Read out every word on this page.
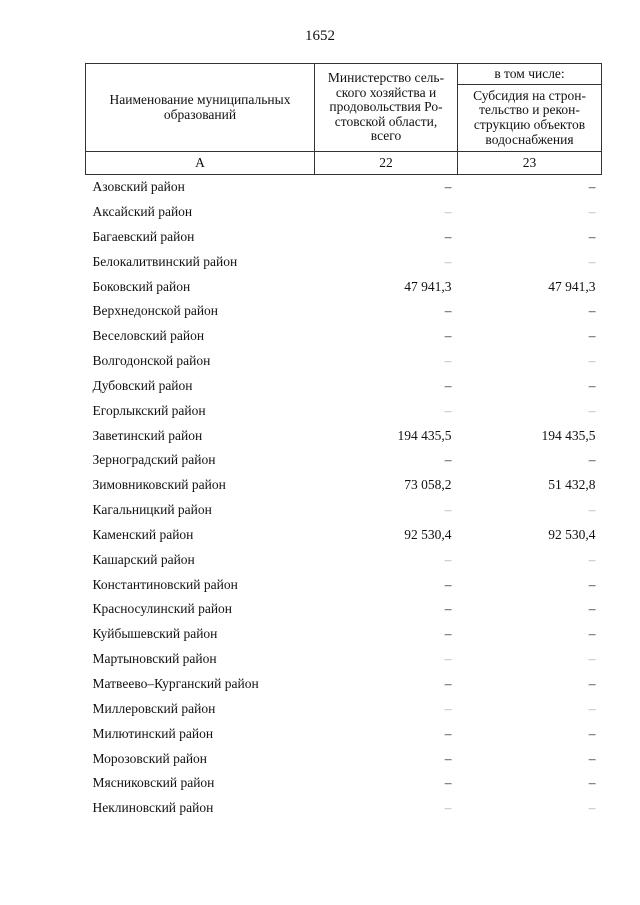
1652
Наименование муниципальных образований	Министерство сель-ского хозяйства и продовольствия Ро-стовской области, всего	в том числе:
		Субсидия на строн-тельство и рекон-струкцию объектов водоснабжения
А	22	23
Азовский район	–	–
Аксайский район	–	–
Багаевский район	–	–
Белокалитвинский район	–	–
Боковский район	47 941,3	47 941,3
Верхнедонской район	–	–
Веселовский район	–	–
Волгодонской район	–	–
Дубовский район	–	–
Егорлыкский район	–	–
Заветинский район	194 435,5	194 435,5
Зерноградский район	–	–
Зимовниковский район	73 058,2	51 432,8
Кагальницкий район	–	–
Каменский район	92 530,4	92 530,4
Кашарский район	–	–
Константиновский район	–	–
Красносулинский район	–	–
Куйбышевский район	–	–
Мартыновский район	–	–
Матвеево–Курганский район	–	–
Миллеровский район	–	–
Милютинский район	–	–
Морозовский район	–	–
Мясниковский район	–	–
Неклиновский район	–	–
